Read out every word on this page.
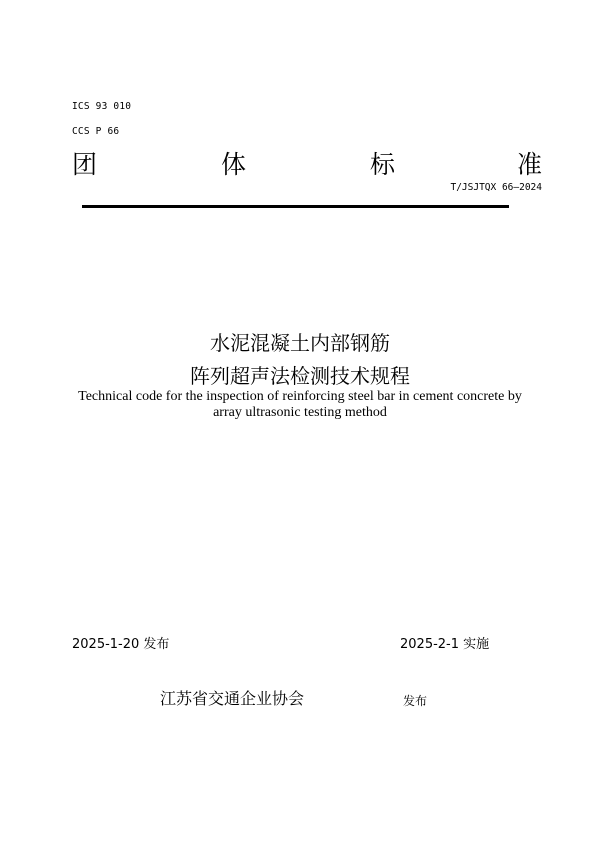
ICS 93 010
CCS P 66
团	体	标	准
T/JSJTQX 66—2024
水泥混凝土内部钢筋
阵列超声法检测技术规程
Technical code for the inspection of reinforcing steel bar in cement concrete by
array ultrasonic testing method
2025-1-20 发布	2025-2-1 实施
江苏省交通企业协会	发布
